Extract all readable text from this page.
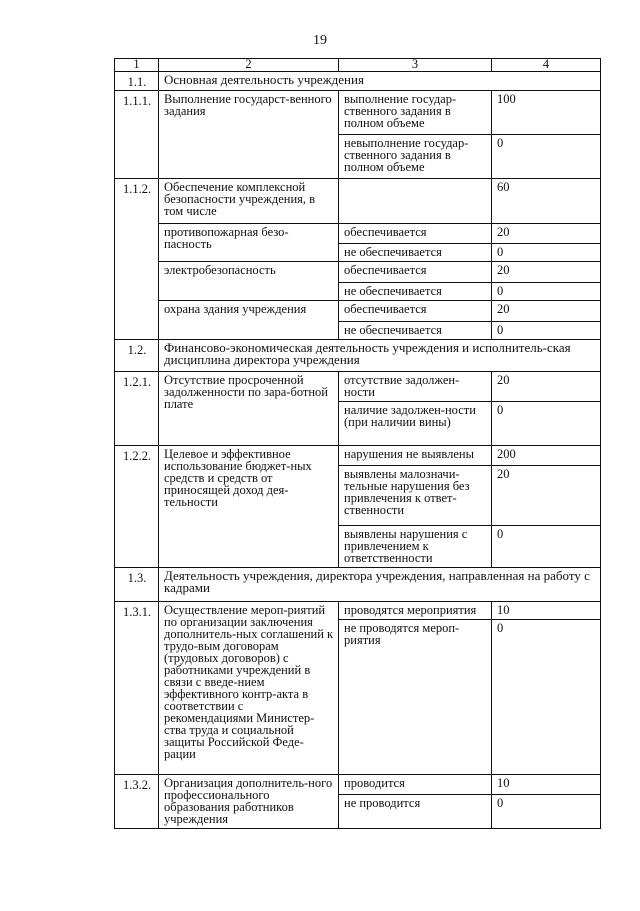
19
1	2	3	4
1.1.	Основная деятельность учреждения		
1.1.1.	Выполнение государст-венного задания	выполнение государ-ственного задания в полном объеме	100
		невыполнение государ-ственного задания в полном объеме	0
1.1.2.	Обеспечение комплексной безопасности учреждения, в том числе		60
	противопожарная безо-пасность	обеспечивается	20
		не обеспечивается	0
	электробезопасность	обеспечивается	20
		не обеспечивается	0
	охрана здания учреждения	обеспечивается	20
		не обеспечивается	0
1.2.	Финансово-экономическая деятельность учреждения и исполнитель-ская дисциплина директора учреждения		
1.2.1.	Отсутствие просроченной задолженности по зара-ботной плате	отсутствие задолжен-ности	20
		наличие задолжен-ности (при наличии вины)	0
1.2.2.	Целевое и эффективное использование бюджет-ных средств и средств от приносящей доход дея-тельности	нарушения не выявлены	200
		выявлены малозначи-тельные нарушения без привлечения к ответ-ственности	20
		выявлены нарушения с привлечением к ответственности	0
1.3.	Деятельность учреждения, директора учреждения, направленная на работу с кадрами		
1.3.1.	Осуществление мероп-риятий по организации заключения дополнитель-ных соглашений к трудо-вым договорам (трудовых договоров) с работниками учреждений в связи с введе-нием эффективного контр-акта в соответствии с рекомендациями Министер-ства труда и социальной защиты Российской Феде-рации	проводятся мероприятия	10
		не проводятся мероп-риятия	0
1.3.2.	Организация дополнитель-ного профессионального образования работников учреждения	проводится	10
		не проводится	0
